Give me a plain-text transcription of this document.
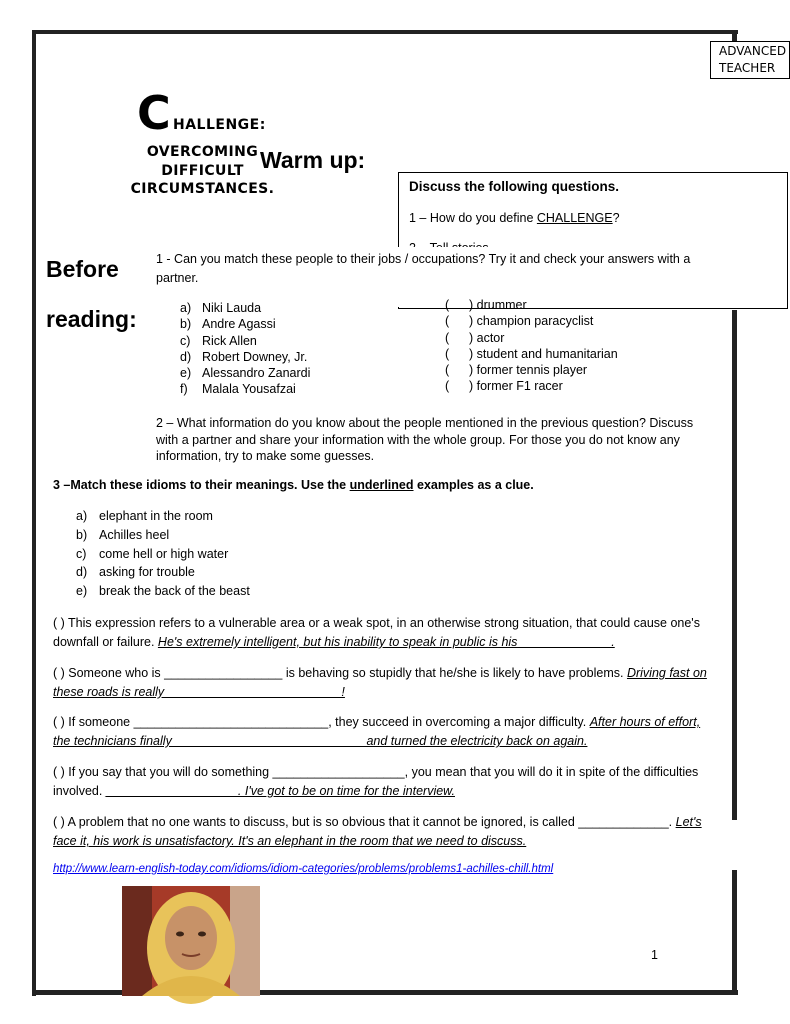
ADVANCED
TEACHER
C HALLENGE:
OVERCOMING
DIFFICULT
CIRCUMSTANCES.
Warm up:
Discuss the following questions.
1 – How do you define CHALLENGE?
Before
reading:
1 - Can you match these people to their jobs / occupations? Try it and check your answers with a partner.
a) Niki Lauda
b) Andre Agassi
c) Rick Allen
d) Robert Downey, Jr.
e) Alessandro Zanardi
f) Malala Yousafzai
( ) drummer
( ) champion paracyclist
( ) actor
( ) student and humanitarian
( ) former tennis player
( ) former F1 racer
2 – What information do you know about the people mentioned in the previous question? Discuss with a partner and share your information with the whole group. For those you do not know any information, try to make some guesses.
3 –Match these idioms to their meanings. Use the underlined examples as a clue.
a) elephant in the room
b) Achilles heel
c) come hell or high water
d) asking for trouble
e) break the back of the beast
( ) This expression refers to a vulnerable area or a weak spot, in an otherwise strong situation, that could cause one's downfall or failure. He's extremely intelligent, but his inability to speak in public is his _____________.
( ) Someone who is _________________ is behaving so stupidly that he/she is likely to have problems. Driving fast on these roads is really _________________________!
( ) If someone ____________________________, they succeed in overcoming a major difficulty. After hours of effort, the technicians finally ___________________________ and turned the electricity back on again.
( ) If you say that you will do something ___________________, you mean that you will do it in spite of the difficulties involved. ___________________. I've got to be on time for the interview.
( ) A problem that no one wants to discuss, but is so obvious that it cannot be ignored, is called _____________. Let's face it, his work is unsatisfactory. It's an elephant in the room that we need to discuss.
http://www.learn-english-today.com/idioms/idiom-categories/problems/problems1-achilles-chill.html
1
